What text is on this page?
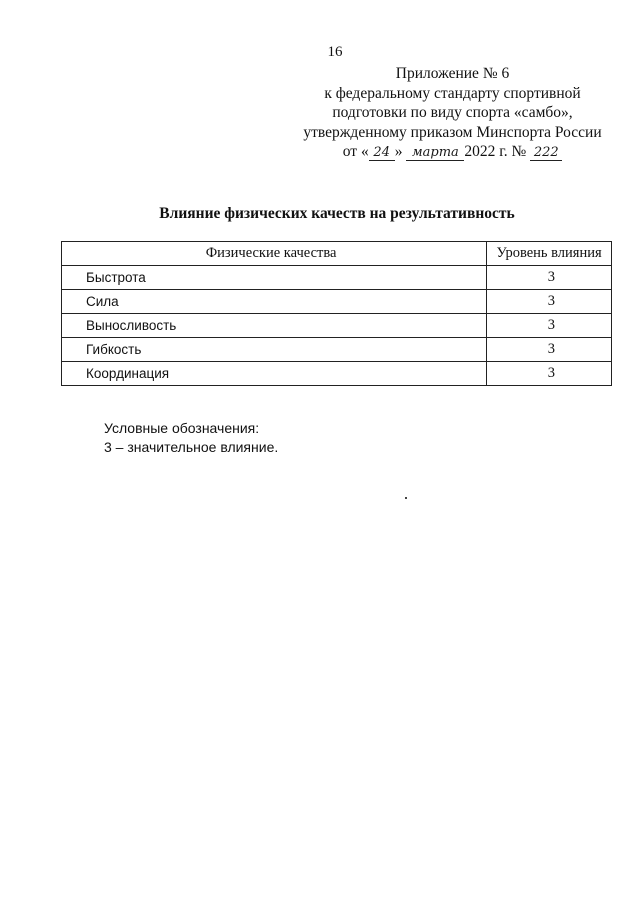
16
Приложение № 6
к федеральному стандарту спортивной
подготовки по виду спорта «самбо»,
утвержденному приказом Минспорта России
от « 24 » марта 2022 г. № 222
Влияние физических качеств на результативность
Физические качества	Уровень влияния
Быстрота	3
Сила	3
Выносливость	3
Гибкость	3
Координация	3
Условные обозначения:
3 – значительное влияние.
